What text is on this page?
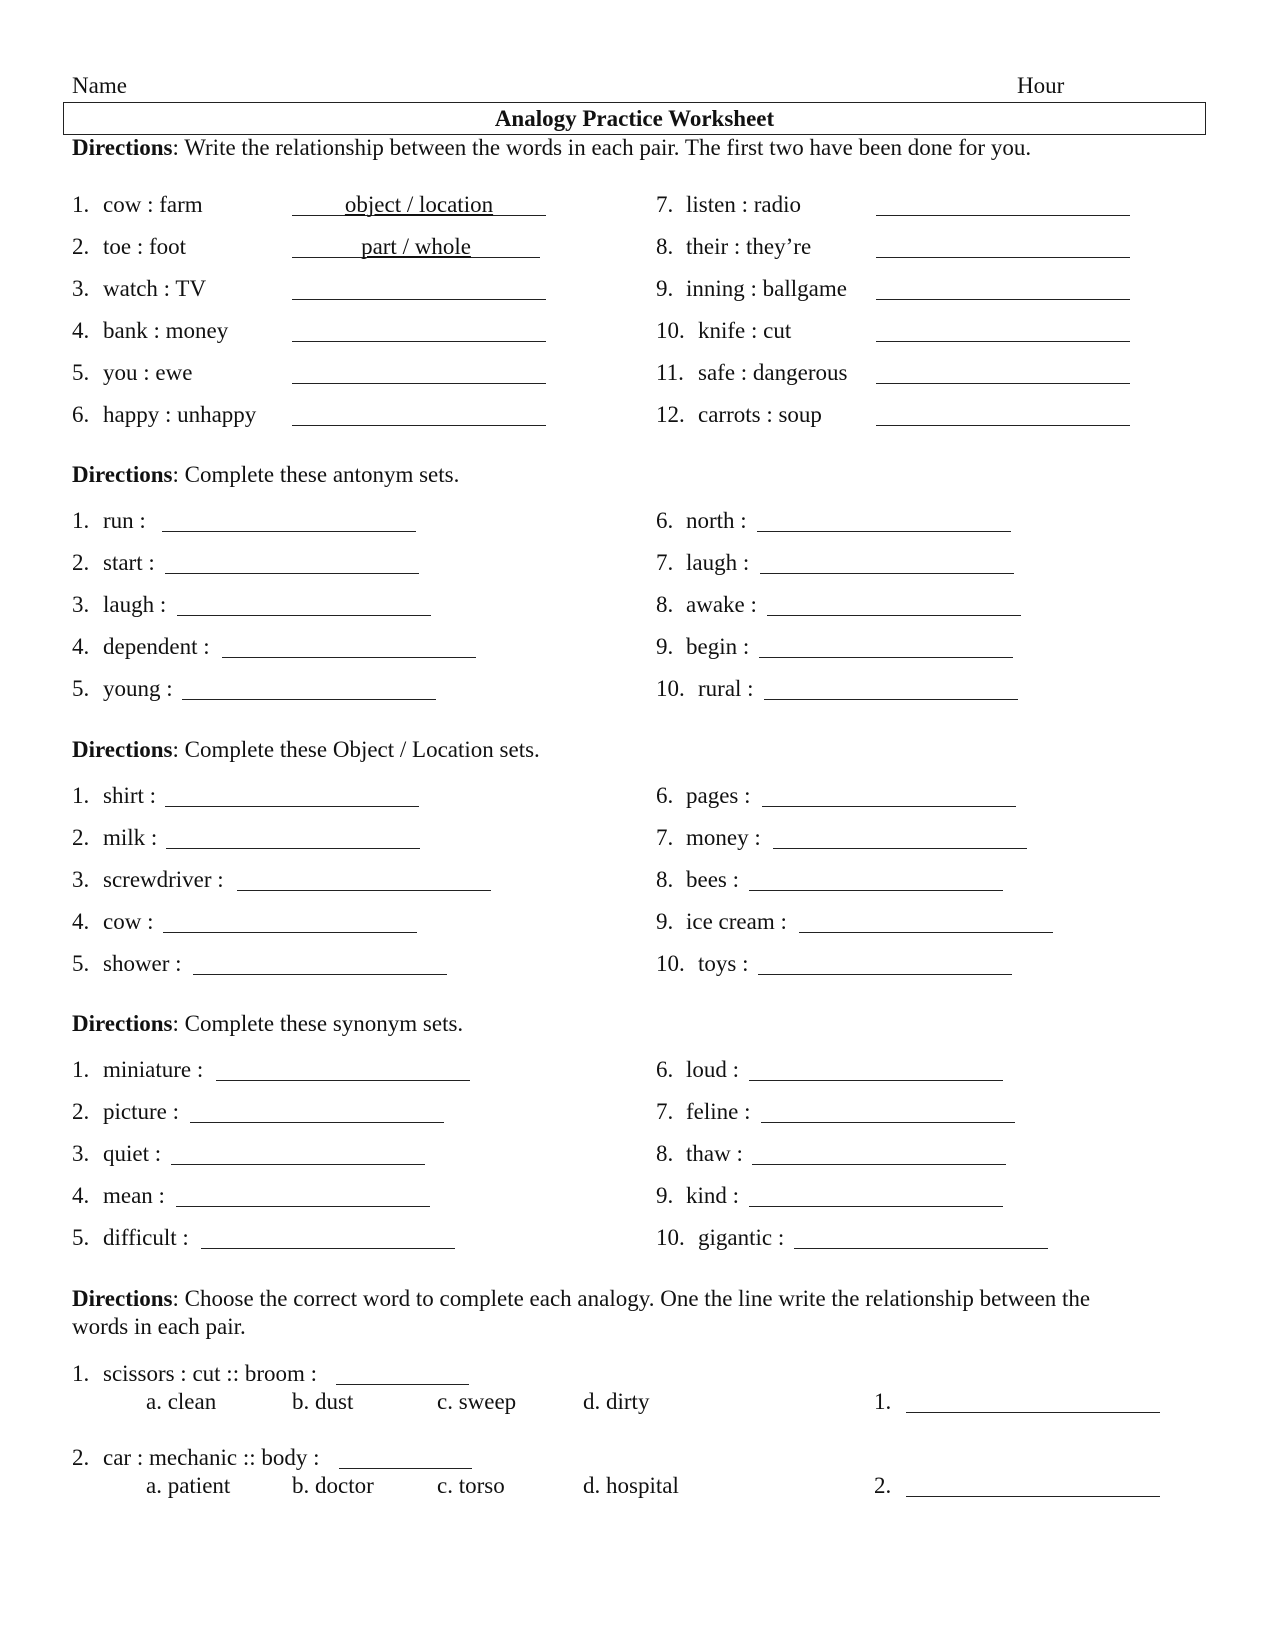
Name	Hour
Analogy Practice Worksheet
Directions: Write the relationship between the words in each pair. The first two have been done for you.
1. cow : farm	object / location
2. toe : foot	part / whole
3. watch : TV
4. bank : money
5. you : ewe
6. happy : unhappy
7. listen : radio
8. their : they’re
9. inning : ballgame
10. knife : cut
11. safe : dangerous
12. carrots : soup
Directions: Complete these antonym sets.
1. run :
2. start :
3. laugh :
4. dependent :
5. young :
6. north :
7. laugh :
8. awake :
9. begin :
10. rural :
Directions: Complete these Object / Location sets.
1. shirt :
2. milk :
3. screwdriver :
4. cow :
5. shower :
6. pages :
7. money :
8. bees :
9. ice cream :
10. toys :
Directions: Complete these synonym sets.
1. miniature :
2. picture :
3. quiet :
4. mean :
5. difficult :
6. loud :
7. feline :
8. thaw :
9. kind :
10. gigantic :
Directions: Choose the correct word to complete each analogy. One the line write the relationship between the
words in each pair.
1. scissors : cut :: broom :
a. clean	b. dust	c. sweep	d. dirty	1.
2. car : mechanic :: body :
a. patient	b. doctor	c. torso	d. hospital	2.
